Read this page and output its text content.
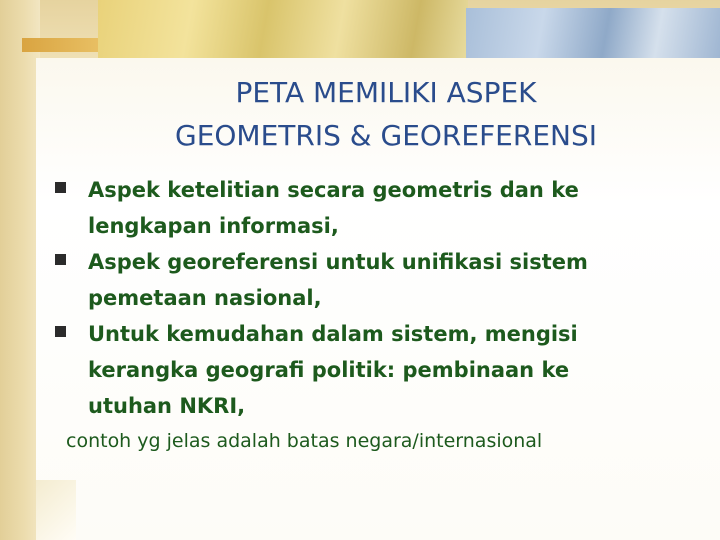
PETA MEMILIKI ASPEK
GEOMETRIS & GEOREFERENSI
Aspek ketelitian secara geometris dan ke
lengkapan informasi,
Aspek georeferensi untuk unifikasi sistem
pemetaan nasional,
Untuk kemudahan dalam sistem, mengisi
kerangka geografi politik: pembinaan ke
utuhan NKRI,
contoh yg jelas adalah batas negara/internasional
